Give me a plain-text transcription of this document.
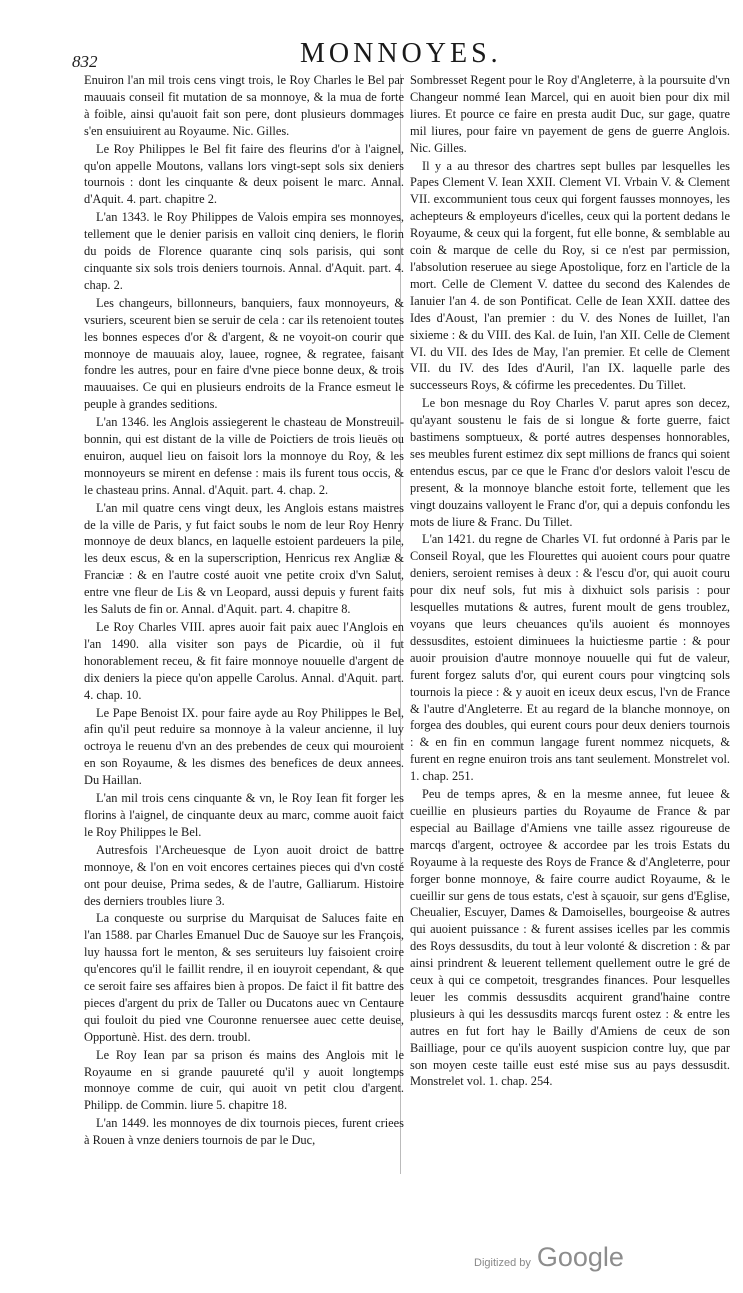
832	MONNOYES.

Enuiron l'an mil trois cens vingt trois, le Roy Charles le Bel par mauuais conseil fit mutation de sa monnoye, & la mua de forte à foible, ainsi qu'auoit fait son pere, dont plusieurs dommages s'en ensuiuirent au Royaume. Nic. Gilles.

Le Roy Philippes le Bel fit faire des fleurins d'or à l'aignel, qu'on appelle Moutons, vallans lors vingt-sept sols six deniers tournois : dont les cinquante & deux poisent le marc. Annal. d'Aquit. 4. part. chapitre 2.

L'an 1343. le Roy Philippes de Valois empira ses monnoyes, tellement que le denier parisis en valloit cinq deniers, le florin du poids de Florence quarante cinq sols parisis, qui sont cinquante six sols trois deniers tournois. Annal. d'Aquit. part. 4. chap. 2.

Les changeurs, billonneurs, banquiers, faux monnoyeurs, & vsuriers, sceurent bien se seruir de cela : car ils retenoient toutes les bonnes especes d'or & d'argent, & ne voyoit-on courir que monnoye de mauuais aloy, lauee, rognee, & regratee, faisant fondre les autres, pour en faire d'vne piece bonne deux, & trois mauuaises. Ce qui en plusieurs endroits de la France esmeut le peuple à grandes seditions.

L'an 1346. les Anglois assiegerent le chasteau de Monstreuil-bonnin, qui est distant de la ville de Poictiers de trois lieuës ou enuiron, auquel lieu on faisoit lors la monnoye du Roy, & les monnoyeurs se mirent en defense : mais ils furent tous occis, & le chasteau prins. Annal. d'Aquit. part. 4. chap. 2.

L'an mil quatre cens vingt deux, les Anglois estans maistres de la ville de Paris, y fut faict soubs le nom de leur Roy Henry monnoye de deux blancs, en laquelle estoient pardeuers la pile, les deux escus, & en la superscription, Henricus rex Angliæ & Franciæ : & en l'autre costé auoit vne petite croix d'vn Salut, entre vne fleur de Lis & vn Leopard, aussi depuis y furent faits les Saluts de fin or. Annal. d'Aquit. part. 4. chapitre 8.

Le Roy Charles VIII. apres auoir fait paix auec l'Anglois en l'an 1490. alla visiter son pays de Picardie, où il fut honorablement receu, & fit faire monnoye nouuelle d'argent de dix deniers la piece qu'on appelle Carolus. Annal. d'Aquit. part. 4. chap. 10.

Le Pape Benoist IX. pour faire ayde au Roy Philippes le Bel, afin qu'il peut reduire sa monnoye à la valeur ancienne, il luy octroya le reuenu d'vn an des prebendes de ceux qui mouroient en son Royaume, & les dismes des benefices de deux annees. Du Haillan.

L'an mil trois cens cinquante & vn, le Roy Iean fit forger les florins à l'aignel, de cinquante deux au marc, comme auoit faict le Roy Philippes le Bel.

Autresfois l'Archeuesque de Lyon auoit droict de battre monnoye, & l'on en voit encores certaines pieces qui d'vn costé ont pour deuise, Prima sedes, & de l'autre, Galliarum. Histoire des derniers troubles liure 3.

La conqueste ou surprise du Marquisat de Saluces faite en l'an 1588. par Charles Emanuel Duc de Sauoye sur les François, luy haussa fort le menton, & ses seruiteurs luy faisoient croire qu'encores qu'il le faillit rendre, il en iouyroit cependant, & que ce seroit faire ses affaires bien à propos. De faict il fit battre des pieces d'argent du prix de Taller ou Ducatons auec vn Centaure qui fouloit du pied vne Couronne renuersee auec cette deuise, Opportunè. Hist. des dern. troubl.

Le Roy Iean par sa prison és mains des Anglois mit le Royaume en si grande pauureté qu'il y auoit longtemps monnoye comme de cuir, qui auoit vn petit clou d'argent. Philipp. de Commin. liure 5. chapitre 18.

L'an 1449. les monnoyes de dix tournois pieces, furent criees à Rouen à vnze deniers tournois de par le Duc,

Sombresset Regent pour le Roy d'Angleterre, à la poursuite d'vn Changeur nommé Iean Marcel, qui en auoit bien pour dix mil liures. Et pource ce faire en presta audit Duc, sur gage, quatre mil liures, pour faire vn payement de gens de guerre Anglois. Nic. Gilles.

Il y a au thresor des chartres sept bulles par lesquelles les Papes Clement V. Iean XXII. Clement VI. Vrbain V. & Clement VII. excommunient tous ceux qui forgent fausses monnoyes, les achepteurs & employeurs d'icelles, ceux qui la portent dedans le Royaume, & ceux qui la forgent, fut elle bonne, & semblable au coin & marque de celle du Roy, si ce n'est par permission, l'absolution reseruee au siege Apostolique, forz en l'article de la mort. Celle de Clement V. dattee du second des Kalendes de Ianuier l'an 4. de son Pontificat. Celle de Iean XXII. dattee des Ides d'Aoust, l'an premier : du V. des Nones de Iuillet, l'an sixieme : & du VIII. des Kal. de Iuin, l'an XII. Celle de Clement VI. du VII. des Ides de May, l'an premier. Et celle de Clement VII. du IV. des Ides d'Auril, l'an IX. laquelle parle des successeurs Roys, & cófirme les precedentes. Du Tillet.

Le bon mesnage du Roy Charles V. parut apres son decez, qu'ayant soustenu le fais de si longue & forte guerre, faict bastimens somptueux, & porté autres despenses honnorables, ses meubles furent estimez dix sept millions de francs qui soient entendus escus, par ce que le Franc d'or deslors valoit l'escu de present, & la monnoye blanche estoit forte, tellement que les vingt douzains valloyent le Franc d'or, qui a depuis confondu les mots de liure & Franc. Du Tillet.

L'an 1421. du regne de Charles VI. fut ordonné à Paris par le Conseil Royal, que les Flourettes qui auoient cours pour quatre deniers, seroient remises à deux : & l'escu d'or, qui auoit couru pour dix neuf sols, fut mis à dixhuict sols parisis : pour lesquelles mutations & autres, furent moult de gens troublez, voyans que leurs cheuances qu'ils auoient és monnoyes dessusdites, estoient diminuees la huictiesme partie : & pour auoir prouision d'autre monnoye nouuelle qui fut de valeur, furent forgez saluts d'or, qui eurent cours pour vingtcinq sols tournois la piece : & y auoit en iceux deux escus, l'vn de France & l'autre d'Angleterre. Et au regard de la blanche monnoye, on forgea des doubles, qui eurent cours pour deux deniers tournois : & en fin en commun langage furent nommez nicquets, & furent en regne enuiron trois ans tant seulement. Monstrelet vol. 1. chap. 251.

Peu de temps apres, & en la mesme annee, fut leuee & cueillie en plusieurs parties du Royaume de France & par especial au Baillage d'Amiens vne taille assez rigoureuse de marcqs d'argent, octroyee & accordee par les trois Estats du Royaume à la requeste des Roys de France & d'Angleterre, pour forger bonne monnoye, & faire courre audict Royaume, & le cueillir sur gens de tous estats, c'est à sçauoir, sur gens d'Eglise, Cheualier, Escuyer, Dames & Damoiselles, bourgeoise & autres qui auoient puissance : & furent assises icelles par les commis des Roys dessusdits, du tout à leur volonté & discretion : & par ainsi prindrent & leuerent tellement quellement outre le gré de ceux à qui ce competoit, tresgrandes finances. Pour lesquelles leuer les commis dessusdits acquirent grand'haine contre plusieurs à qui les dessusdits marcqs furent ostez : & entre les autres en fut fort hay le Bailly d'Amiens de ceux de son Bailliage, pour ce qu'ils auoyent suspicion contre luy, que par son moyen ceste taille eust esté mise sus au pays dessusdit. Monstrelet vol. 1. chap. 254.

Digitized by Google
